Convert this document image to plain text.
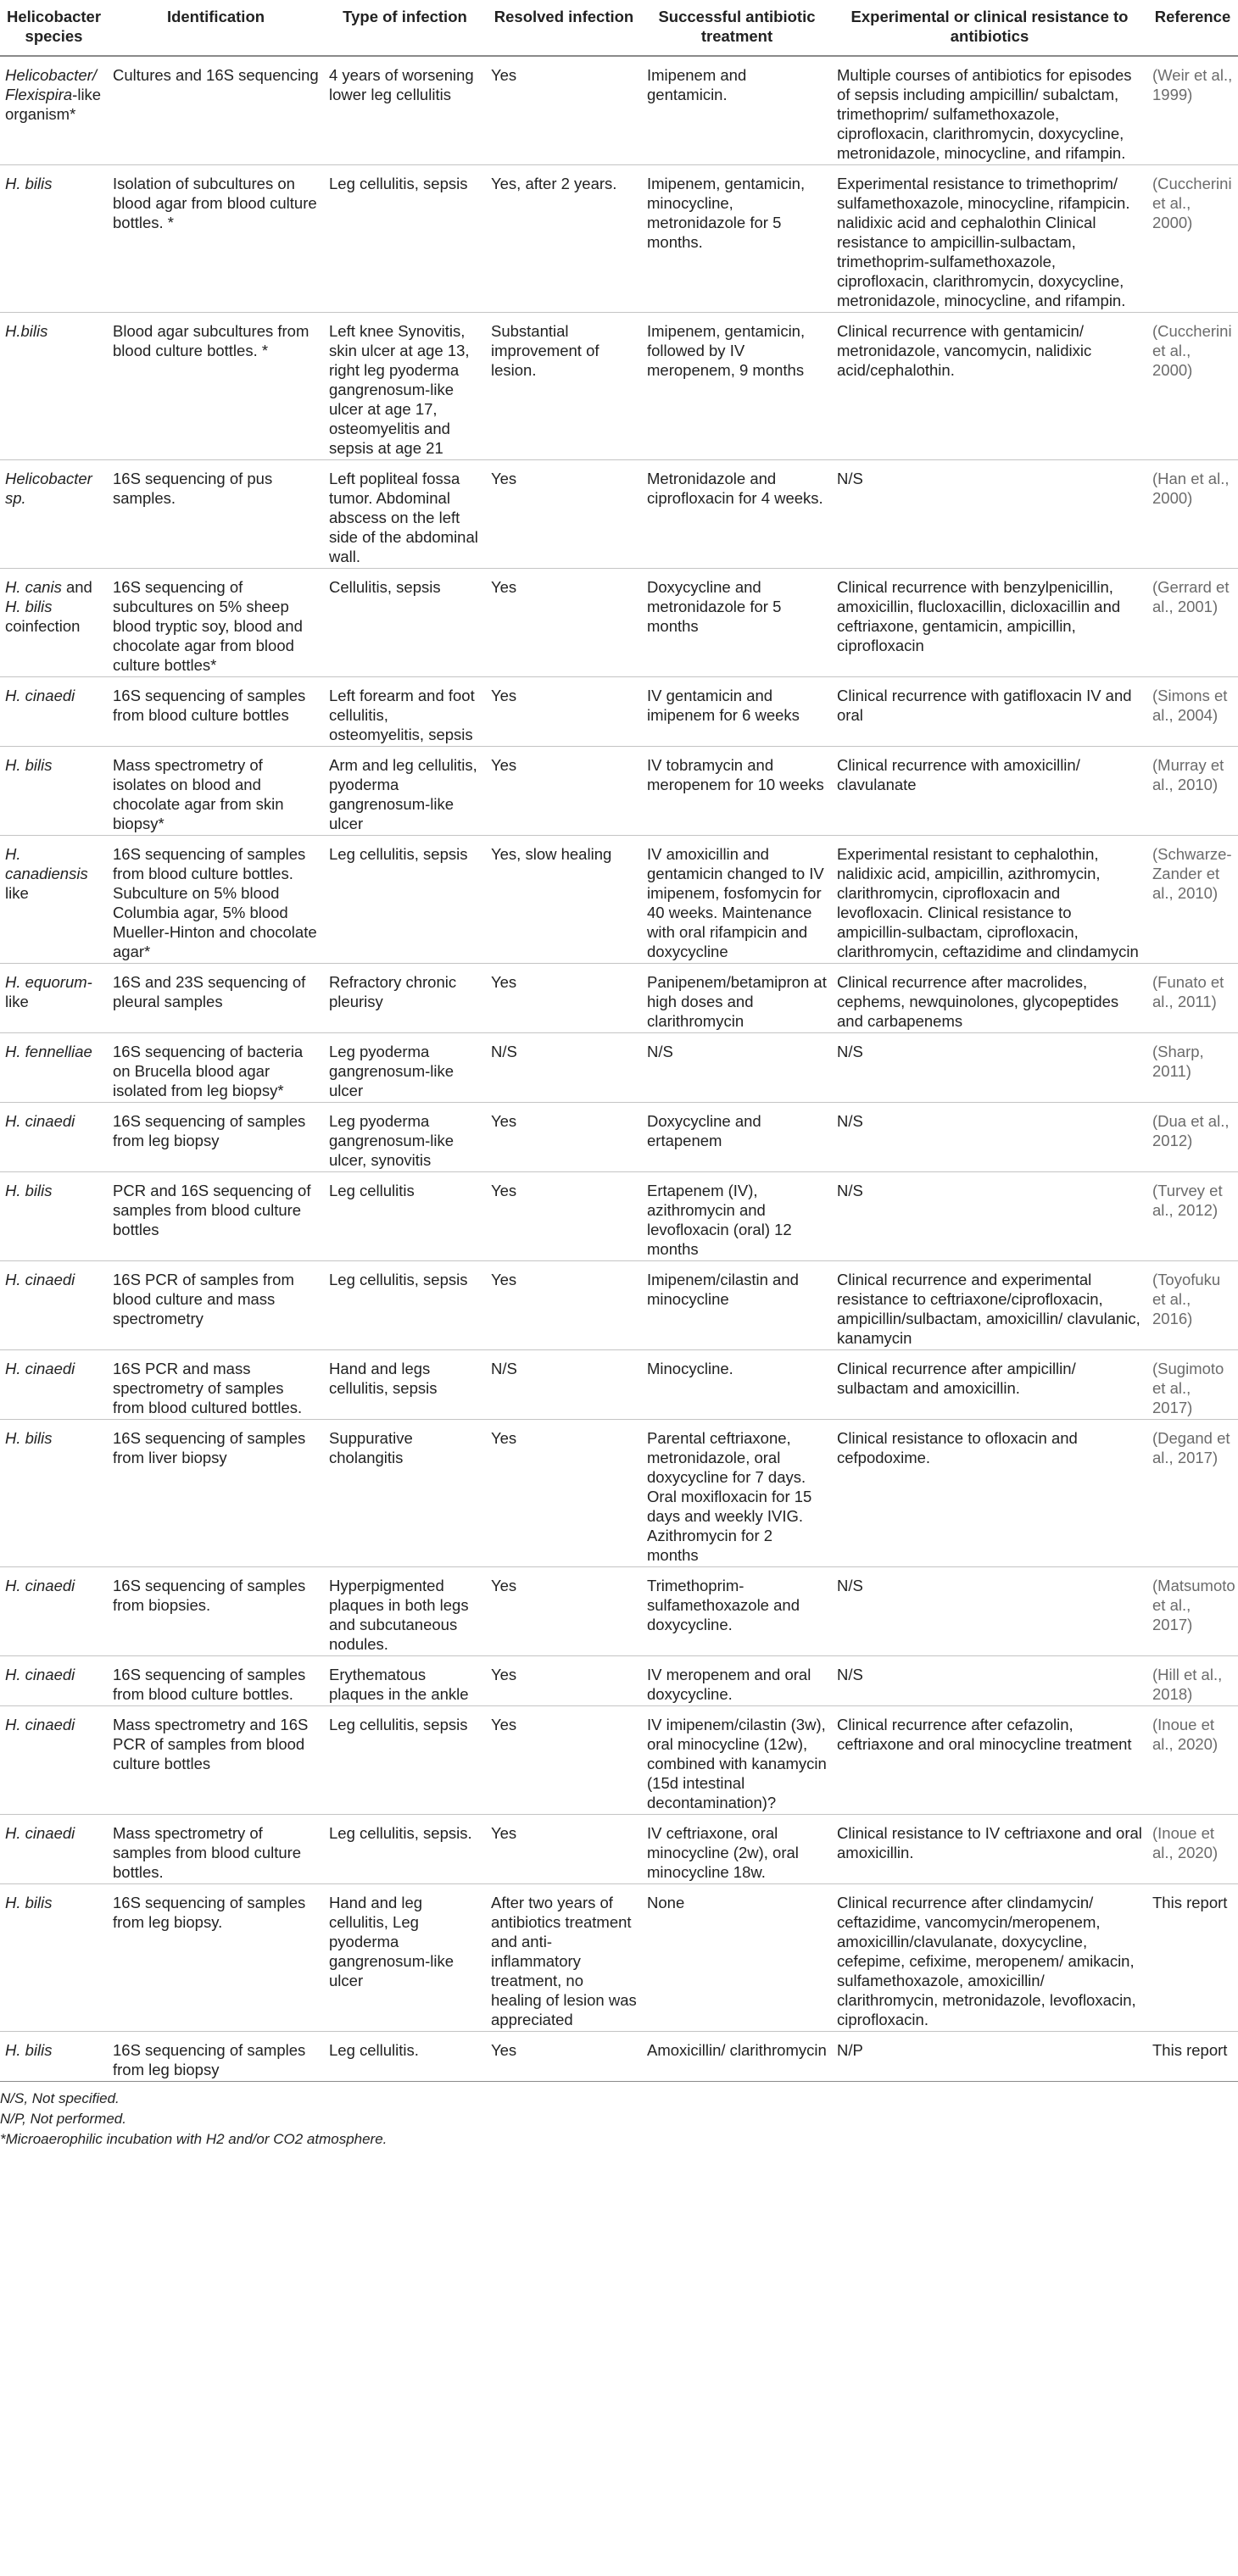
Helicobacter species	Identification	Type of infection	Resolved infection	Successful antibiotic treatment	Experimental or clinical resistance to antibiotics	Reference
Helicobacter/ Flexispira-like organism*	Cultures and 16S sequencing	4 years of worsening lower leg cellulitis	Yes	Imipenem and gentamicin.	Multiple courses of antibiotics for episodes of sepsis including ampicillin/ subalctam, trimethoprim/ sulfamethoxazole, ciprofloxacin, clarithromycin, doxycycline, metronidazole, minocycline, and rifampin.	(Weir et al., 1999)
H. bilis	Isolation of subcultures on blood agar from blood culture bottles. *	Leg cellulitis, sepsis	Yes, after 2 years.	Imipenem, gentamicin, minocycline, metronidazole for 5 months.	Experimental resistance to trimethoprim/ sulfamethoxazole, minocycline, rifampicin. nalidixic acid and cephalothin Clinical resistance to ampicillin-sulbactam, trimethoprim-sulfamethoxazole, ciprofloxacin, clarithromycin, doxycycline, metronidazole, minocycline, and rifampin.	(Cuccherini et al., 2000)
H.bilis	Blood agar subcultures from blood culture bottles. *	Left knee Synovitis, skin ulcer at age 13, right leg pyoderma gangrenosum-like ulcer at age 17, osteomyelitis and sepsis at age 21	Substantial improvement of lesion.	Imipenem, gentamicin, followed by IV meropenem, 9 months	Clinical recurrence with gentamicin/ metronidazole, vancomycin, nalidixic acid/cephalothin.	(Cuccherini et al., 2000)
Helicobacter sp.	16S sequencing of pus samples.	Left popliteal fossa tumor. Abdominal abscess on the left side of the abdominal wall.	Yes	Metronidazole and ciprofloxacin for 4 weeks.	N/S	(Han et al., 2000)
H. canis and H. bilis coinfection	16S sequencing of subcultures on 5% sheep blood tryptic soy, blood and chocolate agar from blood culture bottles*	Cellulitis, sepsis	Yes	Doxycycline and metronidazole for 5 months	Clinical recurrence with benzylpenicillin, amoxicillin, flucloxacillin, dicloxacillin and ceftriaxone, gentamicin, ampicillin, ciprofloxacin	(Gerrard et al., 2001)
H. cinaedi	16S sequencing of samples from blood culture bottles	Left forearm and foot cellulitis, osteomyelitis, sepsis	Yes	IV gentamicin and imipenem for 6 weeks	Clinical recurrence with gatifloxacin IV and oral	(Simons et al., 2004)
H. bilis	Mass spectrometry of isolates on blood and chocolate agar from skin biopsy*	Arm and leg cellulitis, pyoderma gangrenosum-like ulcer	Yes	IV tobramycin and meropenem for 10 weeks	Clinical recurrence with amoxicillin/ clavulanate	(Murray et al., 2010)
H. canadiensis like	16S sequencing of samples from blood culture bottles. Subculture on 5% blood Columbia agar, 5% blood Mueller-Hinton and chocolate agar*	Leg cellulitis, sepsis	Yes, slow healing	IV amoxicillin and gentamicin changed to IV imipenem, fosfomycin for 40 weeks. Maintenance with oral rifampicin and doxycycline	Experimental resistant to cephalothin, nalidixic acid, ampicillin, azithromycin, clarithromycin, ciprofloxacin and levofloxacin. Clinical resistance to ampicillin-sulbactam, ciprofloxacin, clarithromycin, ceftazidime and clindamycin	(Schwarze-Zander et al., 2010)
H. equorum-like	16S and 23S sequencing of pleural samples	Refractory chronic pleurisy	Yes	Panipenem/betamipron at high doses and clarithromycin	Clinical recurrence after macrolides, cephems, newquinolones, glycopeptides and carbapenems	(Funato et al., 2011)
H. fennelliae	16S sequencing of bacteria on Brucella blood agar isolated from leg biopsy*	Leg pyoderma gangrenosum-like ulcer	N/S	N/S	N/S	(Sharp, 2011)
H. cinaedi	16S sequencing of samples from leg biopsy	Leg pyoderma gangrenosum-like ulcer, synovitis	Yes	Doxycycline and ertapenem	N/S	(Dua et al., 2012)
H. bilis	PCR and 16S sequencing of samples from blood culture bottles	Leg cellulitis	Yes	Ertapenem (IV), azithromycin and levofloxacin (oral) 12 months	N/S	(Turvey et al., 2012)
H. cinaedi	16S PCR of samples from blood culture and mass spectrometry	Leg cellulitis, sepsis	Yes	Imipenem/cilastin and minocycline	Clinical recurrence and experimental resistance to ceftriaxone/ciprofloxacin, ampicillin/sulbactam, amoxicillin/ clavulanic, kanamycin	(Toyofuku et al., 2016)
H. cinaedi	16S PCR and mass spectrometry of samples from blood cultured bottles.	Hand and legs cellulitis, sepsis	N/S	Minocycline.	Clinical recurrence after ampicillin/ sulbactam and amoxicillin.	(Sugimoto et al., 2017)
H. bilis	16S sequencing of samples from liver biopsy	Suppurative cholangitis	Yes	Parental ceftriaxone, metronidazole, oral doxycycline for 7 days. Oral moxifloxacin for 15 days and weekly IVIG. Azithromycin for 2 months	Clinical resistance to ofloxacin and cefpodoxime.	(Degand et al., 2017)
H. cinaedi	16S sequencing of samples from biopsies.	Hyperpigmented plaques in both legs and subcutaneous nodules.	Yes	Trimethoprim-sulfamethoxazole and doxycycline.	N/S	(Matsumoto et al., 2017)
H. cinaedi	16S sequencing of samples from blood culture bottles.	Erythematous plaques in the ankle	Yes	IV meropenem and oral doxycycline.	N/S	(Hill et al., 2018)
H. cinaedi	Mass spectrometry and 16S PCR of samples from blood culture bottles	Leg cellulitis, sepsis	Yes	IV imipenem/cilastin (3w), oral minocycline (12w), combined with kanamycin (15d intestinal decontamination)?	Clinical recurrence after cefazolin, ceftriaxone and oral minocycline treatment	(Inoue et al., 2020)
H. cinaedi	Mass spectrometry of samples from blood culture bottles.	Leg cellulitis, sepsis.	Yes	IV ceftriaxone, oral minocycline (2w), oral minocycline 18w.	Clinical resistance to IV ceftriaxone and oral amoxicillin.	(Inoue et al., 2020)
H. bilis	16S sequencing of samples from leg biopsy.	Hand and leg cellulitis, Leg pyoderma gangrenosum-like ulcer	After two years of antibiotics treatment and anti-inflammatory treatment, no healing of lesion was appreciated	None	Clinical recurrence after clindamycin/ ceftazidime, vancomycin/meropenem, amoxicillin/clavulanate, doxycycline, cefepime, cefixime, meropenem/ amikacin, sulfamethoxazole, amoxicillin/ clarithromycin, metronidazole, levofloxacin, ciprofloxacin.	This report
H. bilis	16S sequencing of samples from leg biopsy	Leg cellulitis.	Yes	Amoxicillin/ clarithromycin	N/P	This report
N/S, Not specified.
N/P, Not performed.
*Microaerophilic incubation with H2 and/or CO2 atmosphere.
